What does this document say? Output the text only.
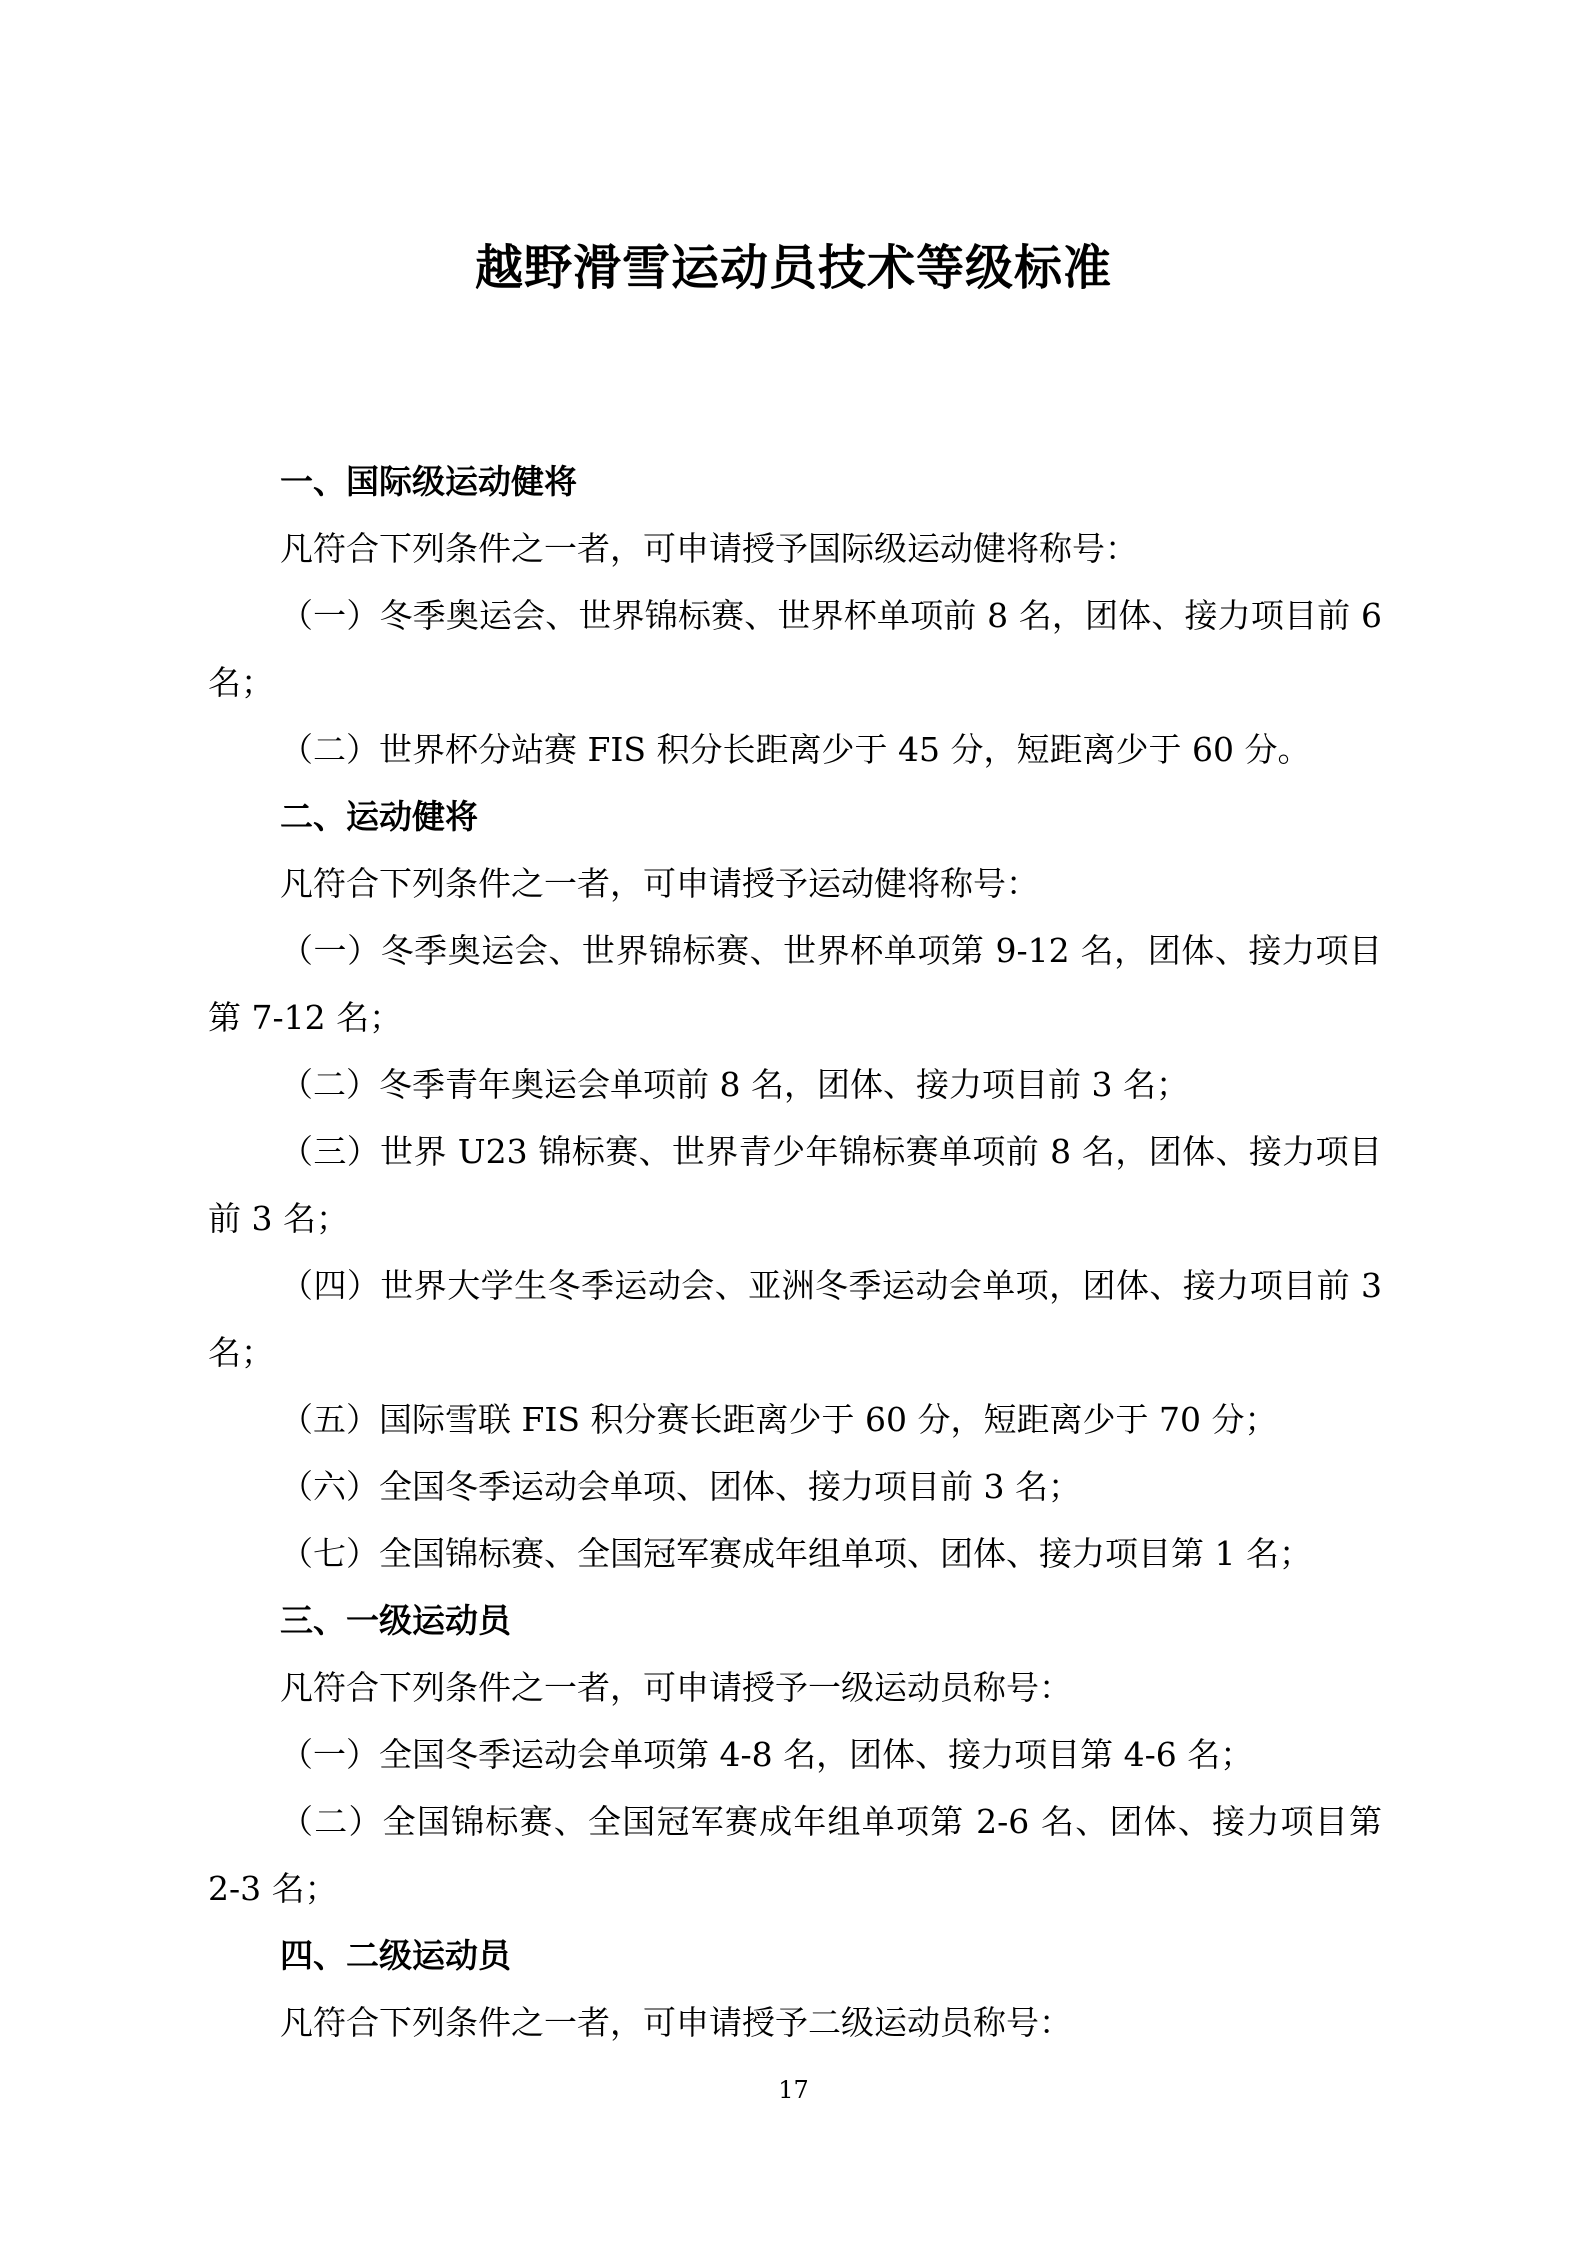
越野滑雪运动员技术等级标准

一、国际级运动健将

凡符合下列条件之一者，可申请授予国际级运动健将称号：

（一）冬季奥运会、世界锦标赛、世界杯单项前 8 名，团体、接力项目前 6 名；

（二）世界杯分站赛 FIS 积分长距离少于 45 分，短距离少于 60 分。

二、运动健将

凡符合下列条件之一者，可申请授予运动健将称号：

（一）冬季奥运会、世界锦标赛、世界杯单项第 9-12 名，团体、接力项目第 7-12 名；

（二）冬季青年奥运会单项前 8 名，团体、接力项目前 3 名；

（三）世界 U23 锦标赛、世界青少年锦标赛单项前 8 名，团体、接力项目前 3 名；

（四）世界大学生冬季运动会、亚洲冬季运动会单项，团体、接力项目前 3 名；

（五）国际雪联 FIS 积分赛长距离少于 60 分，短距离少于 70 分；

（六）全国冬季运动会单项、团体、接力项目前 3 名；

（七）全国锦标赛、全国冠军赛成年组单项、团体、接力项目第 1 名；

三、一级运动员

凡符合下列条件之一者，可申请授予一级运动员称号：

（一）全国冬季运动会单项第 4-8 名，团体、接力项目第 4-6 名；

（二）全国锦标赛、全国冠军赛成年组单项第 2-6 名、团体、接力项目第 2-3 名；

四、二级运动员

凡符合下列条件之一者，可申请授予二级运动员称号：

17
